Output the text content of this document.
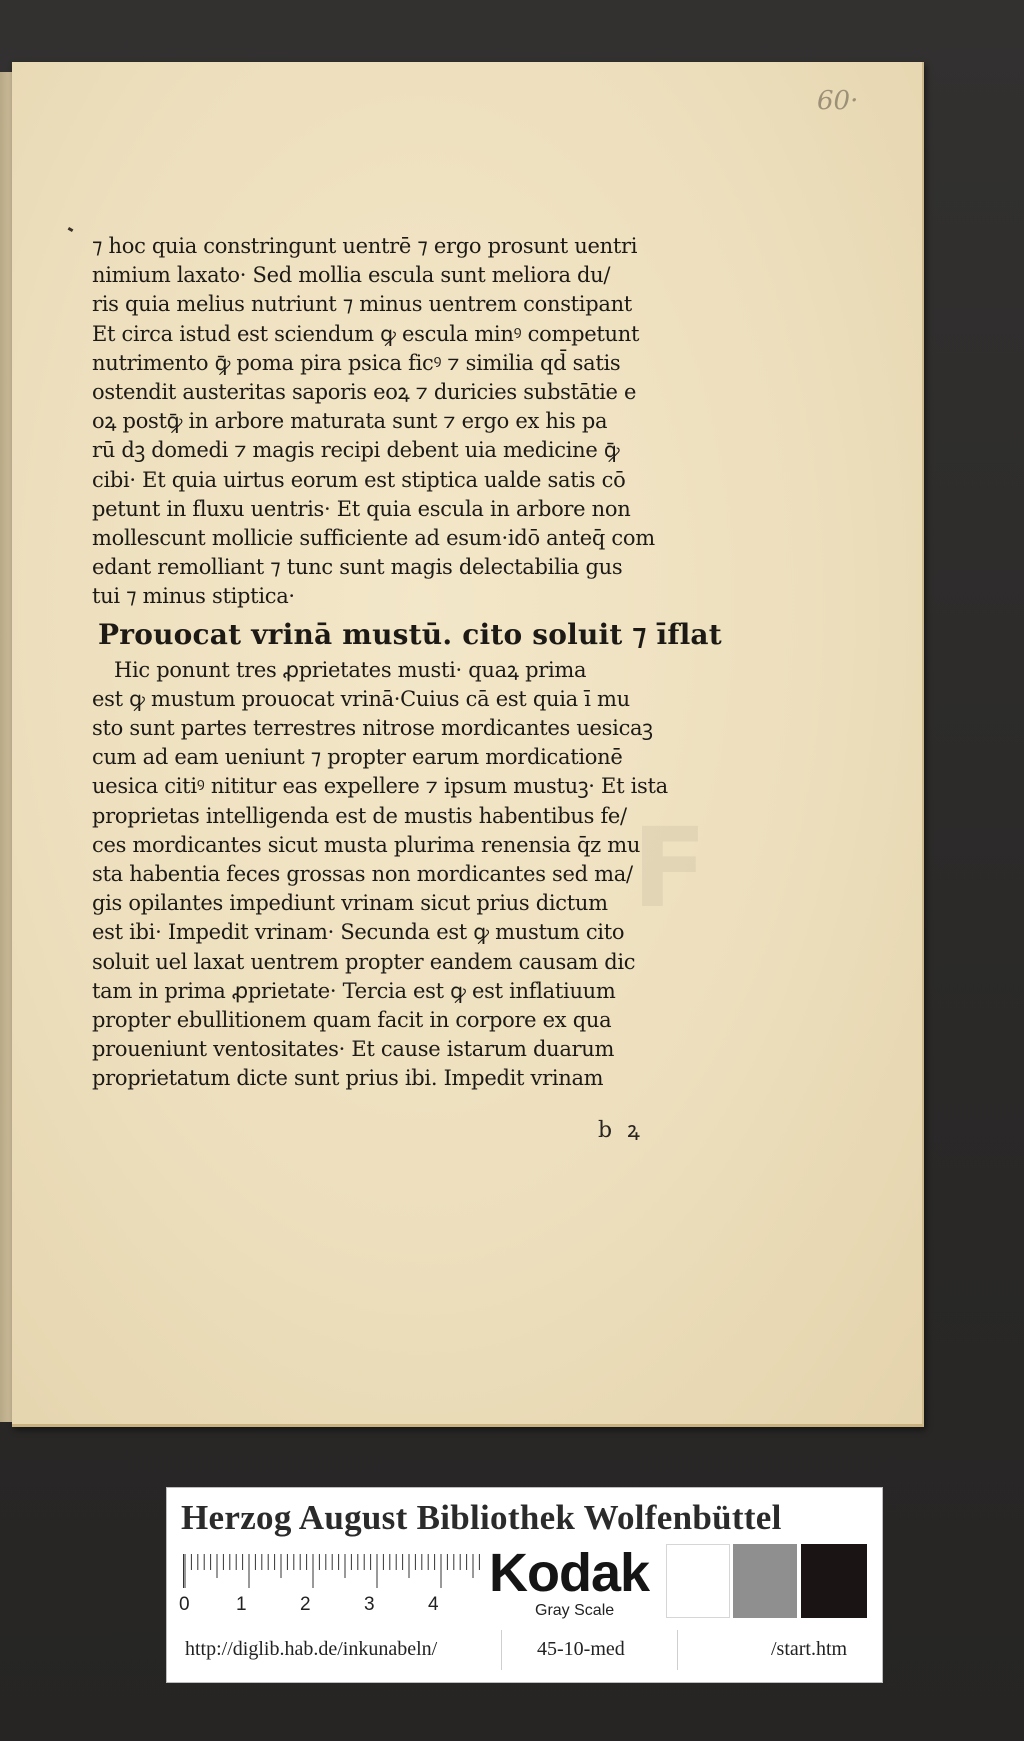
60·
F
⁊ hoc quia constringunt uentrē ⁊ ergo prosunt uentri
nimium laxato· Sed mollia escula sunt meliora du/
ris quia melius nutriunt ⁊ minus uentrem constipant
Et circa istud est sciendum ꝙ escula minꝰ competunt
nutrimento ꝙ̄ poma pira psica ficꝰ ⁊ similia qd̄ satis
ostendit austeritas saporis eoꝝ ⁊ duricies substātie e
oꝝ postꝙ̄ in arbore maturata sunt ⁊ ergo ex his pa
rū dꝫ domedi ⁊ magis recipi debent uia medicine ꝙ̄
cibi· Et quia uirtus eorum est stiptica ualde satis cō
petunt in fluxu uentris· Et quia escula in arbore non
mollescunt mollicie sufficiente ad esum·idō anteq̄ com
edant remolliant ⁊ tunc sunt magis delectabilia gus
tui ⁊ minus stiptica·
Prouocat vrinā mustū. cito soluit ⁊ īflat
Hic ponunt tres ꝓprietates musti· quaꝝ prima
est ꝙ mustum prouocat vrinā·Cuius cā est quia ī mu
sto sunt partes terrestres nitrose mordicantes uesicaꝫ
cum ad eam ueniunt ⁊ propter earum mordicationē
uesica citiꝰ nititur eas expellere ⁊ ipsum mustuꝫ· Et ista
proprietas intelligenda est de mustis habentibus fe/
ces mordicantes sicut musta plurima renensia q̄z mu
sta habentia feces grossas non mordicantes sed ma/
gis opilantes impediunt vrinam sicut prius dictum
est ibi· Impedit vrinam· Secunda est ꝙ mustum cito
soluit uel laxat uentrem propter eandem causam dic
tam in prima ꝓprietate· Tercia est ꝙ est inflatiuum
propter ebullitionem quam facit in corpore ex qua
proueniunt ventositates· Et cause istarum duarum
proprietatum dicte sunt prius ibi. Impedit vrinam
b ꝝ
Herzog August Bibliothek Wolfenbüttel
0 1	2	3	4
Kodak
Gray Scale
http://diglib.hab.de/inkunabeln/	45-10-med	/start.htm
